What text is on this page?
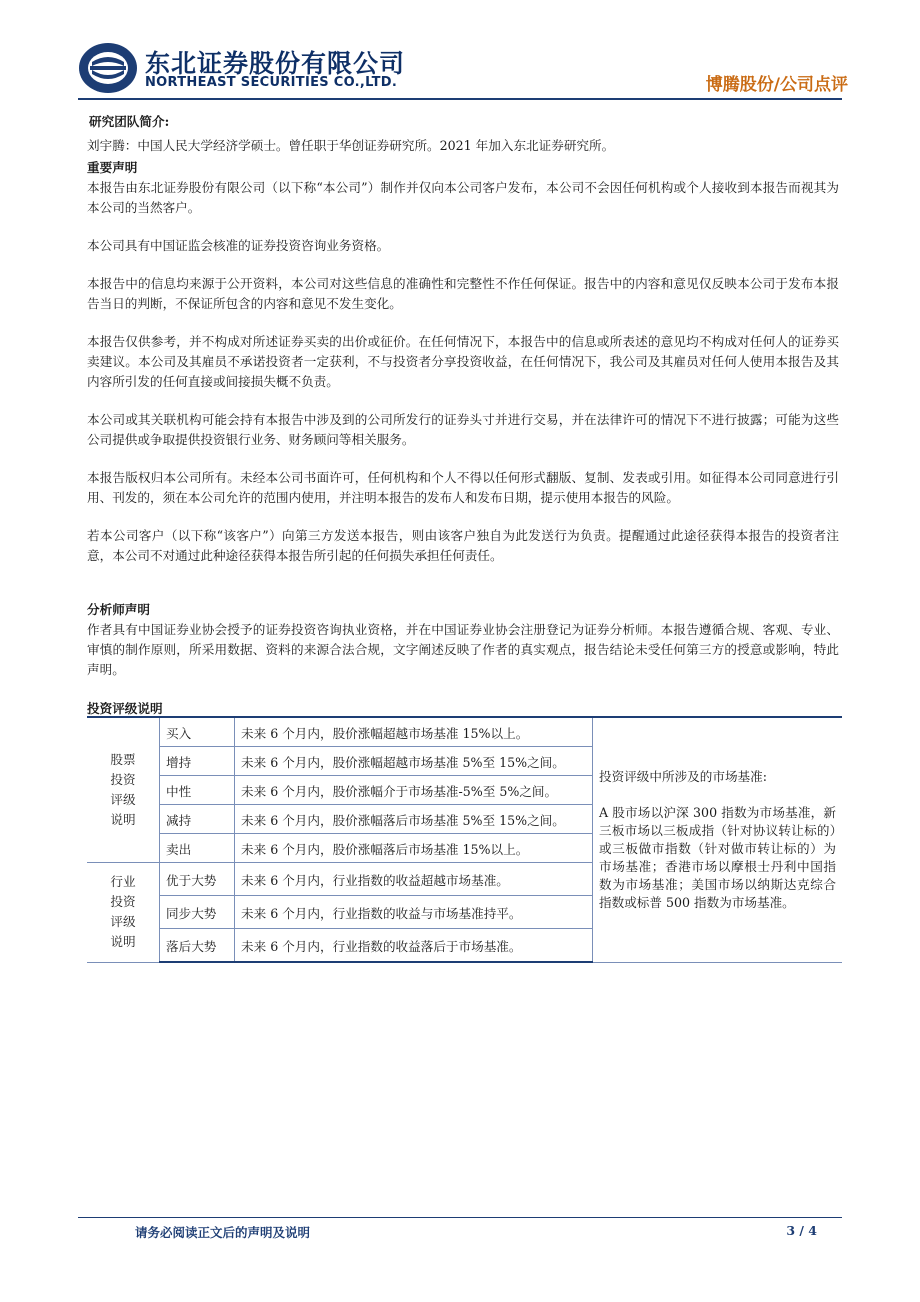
东北证券股份有限公司
NORTHEAST SECURITIES CO.,LTD.	博腾股份/公司点评

研究团队简介:

刘宇腾：中国人民大学经济学硕士。曾任职于华创证券研究所。2021 年加入东北证券研究所。

重要声明

本报告由东北证券股份有限公司（以下称“本公司”）制作并仅向本公司客户发布，本公司不会因任何机构或个人接收到本报告而视其为本公司的当然客户。

本公司具有中国证监会核准的证券投资咨询业务资格。

本报告中的信息均来源于公开资料，本公司对这些信息的准确性和完整性不作任何保证。报告中的内容和意见仅反映本公司于发布本报告当日的判断，不保证所包含的内容和意见不发生变化。

本报告仅供参考，并不构成对所述证券买卖的出价或征价。在任何情况下，本报告中的信息或所表述的意见均不构成对任何人的证券买卖建议。本公司及其雇员不承诺投资者一定获利，不与投资者分享投资收益，在任何情况下，我公司及其雇员对任何人使用本报告及其内容所引发的任何直接或间接损失概不负责。

本公司或其关联机构可能会持有本报告中涉及到的公司所发行的证券头寸并进行交易，并在法律许可的情况下不进行披露；可能为这些公司提供或争取提供投资银行业务、财务顾问等相关服务。

本报告版权归本公司所有。未经本公司书面许可，任何机构和个人不得以任何形式翻版、复制、发表或引用。如征得本公司同意进行引用、刊发的，须在本公司允许的范围内使用，并注明本报告的发布人和发布日期，提示使用本报告的风险。

若本公司客户（以下称“该客户”）向第三方发送本报告，则由该客户独自为此发送行为负责。提醒通过此途径获得本报告的投资者注意，本公司不对通过此种途径获得本报告所引起的任何损失承担任何责任。

分析师声明

作者具有中国证券业协会授予的证券投资咨询执业资格，并在中国证券业协会注册登记为证券分析师。本报告遵循合规、客观、专业、审慎的制作原则，所采用数据、资料的来源合法合规，文字阐述反映了作者的真实观点，报告结论未受任何第三方的授意或影响，特此声明。

投资评级说明
股票投资评级说明	买入	未来 6 个月内，股价涨幅超越市场基准 15%以上。	投资评级中所涉及的市场基准:
A 股市场以沪深 300 指数为市场基准，新三板市场以三板成指（针对协议转让标的）或三板做市指数（针对做市转让标的）为市场基准；香港市场以摩根士丹利中国指数为市场基准；美国市场以纳斯达克综合指数或标普 500 指数为市场基准。

	增持	未来 6 个月内，股价涨幅超越市场基准 5%至 15%之间。	
	中性	未来 6 个月内，股价涨幅介于市场基准-5%至 5%之间。	
	减持	未来 6 个月内，股价涨幅落后市场基准 5%至 15%之间。	
	卖出	未来 6 个月内，股价涨幅落后市场基准 15%以上。	

行业投资评级说明	优于大势	未来 6 个月内，行业指数的收益超越市场基准。	
	同步大势	未来 6 个月内，行业指数的收益与市场基准持平。	
	落后大势	未来 6 个月内，行业指数的收益落后于市场基准。	
请务必阅读正文后的声明及说明	3 / 4
